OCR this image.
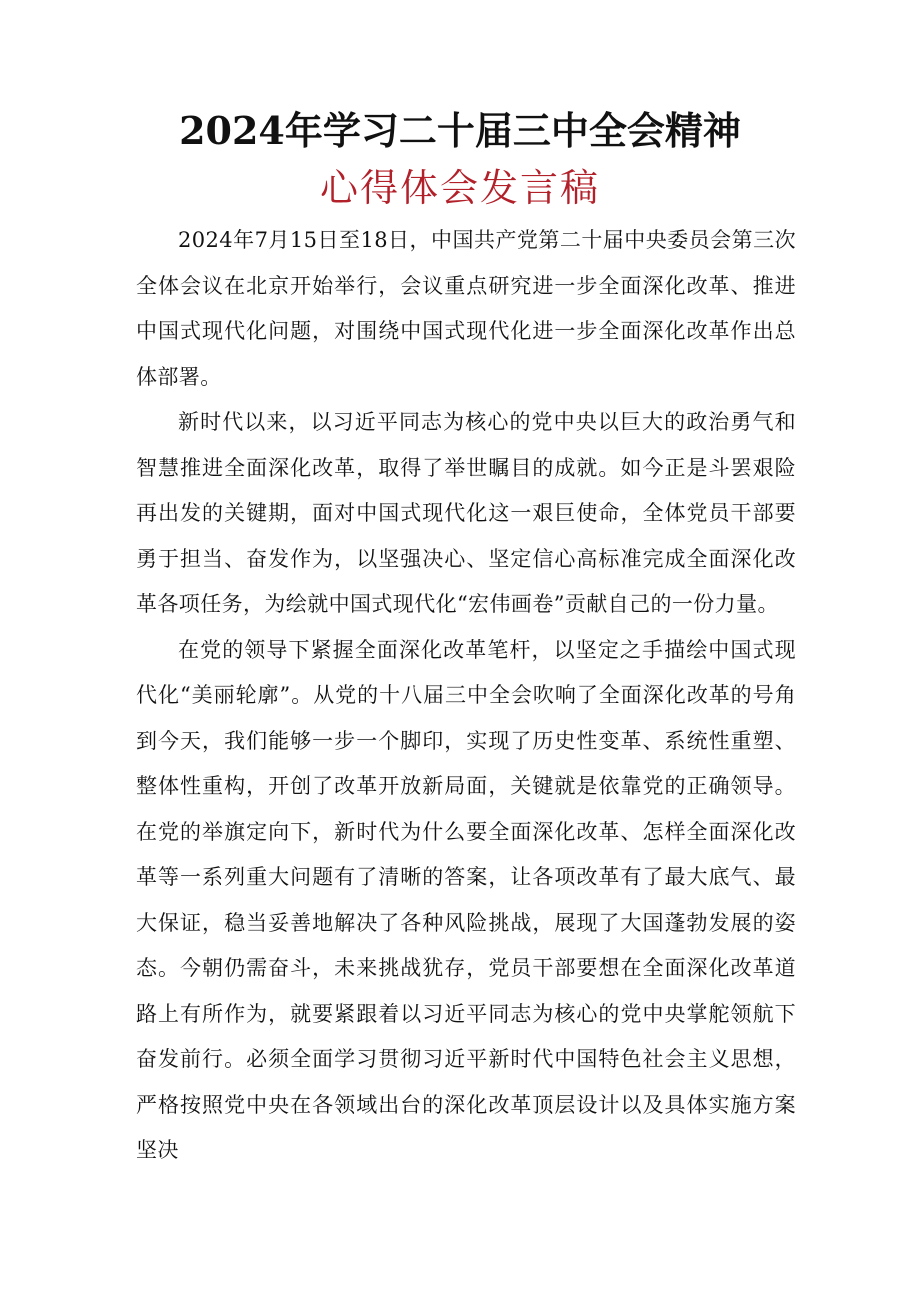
2024年学习二十届三中全会精神
心得体会发言稿

2024年7月15日至18日，中国共产党第二十届中央委员会第三次全体会议在北京开始举行，会议重点研究进一步全面深化改革、推进中国式现代化问题，对围绕中国式现代化进一步全面深化改革作出总体部署。

新时代以来，以习近平同志为核心的党中央以巨大的政治勇气和智慧推进全面深化改革，取得了举世瞩目的成就。如今正是斗罢艰险再出发的关键期，面对中国式现代化这一艰巨使命，全体党员干部要勇于担当、奋发作为，以坚强决心、坚定信心高标准完成全面深化改革各项任务，为绘就中国式现代化“宏伟画卷”贡献自己的一份力量。

在党的领导下紧握全面深化改革笔杆，以坚定之手描绘中国式现代化“美丽轮廓”。从党的十八届三中全会吹响了全面深化改革的号角到今天，我们能够一步一个脚印，实现了历史性变革、系统性重塑、整体性重构，开创了改革开放新局面，关键就是依靠党的正确领导。在党的举旗定向下，新时代为什么要全面深化改革、怎样全面深化改革等一系列重大问题有了清晰的答案，让各项改革有了最大底气、最大保证，稳当妥善地解决了各种风险挑战，展现了大国蓬勃发展的姿态。今朝仍需奋斗，未来挑战犹存，党员干部要想在全面深化改革道路上有所作为，就要紧跟着以习近平同志为核心的党中央掌舵领航下奋发前行。必须全面学习贯彻习近平新时代中国特色社会主义思想，严格按照党中央在各领域出台的深化改革顶层设计以及具体实施方案坚决
